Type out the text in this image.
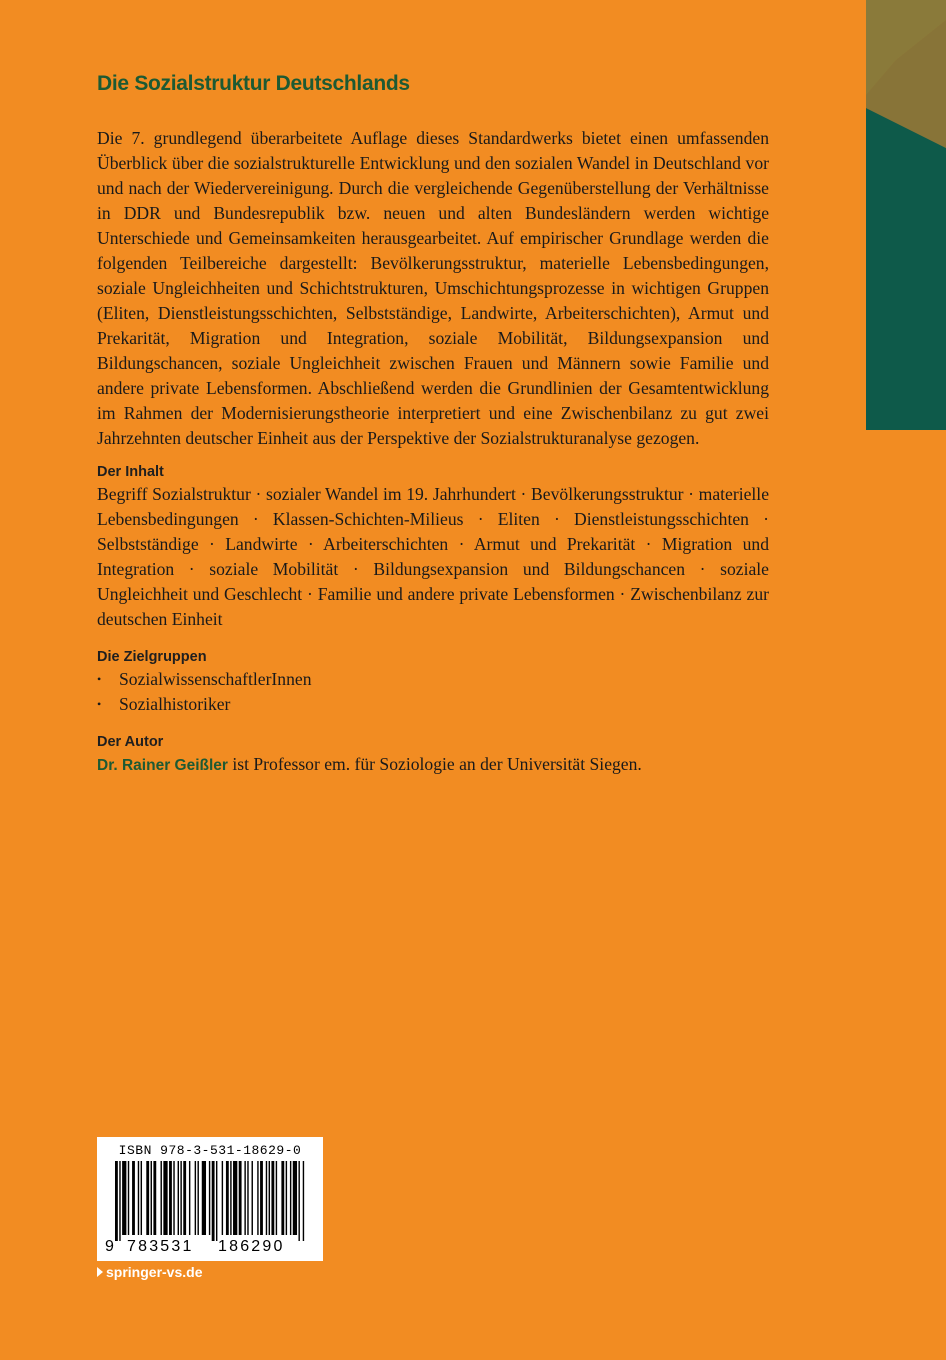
Die Sozialstruktur Deutschlands

Die 7. grundlegend überarbeitete Auflage dieses Standardwerks bietet einen umfassenden Überblick über die sozialstrukturelle Entwicklung und den sozialen Wandel in Deutschland vor und nach der Wiedervereinigung. Durch die vergleichende Gegenüberstellung der Verhältnisse in DDR und Bundesrepublik bzw. neuen und alten Bundesländern werden wichtige Unterschiede und Gemeinsamkeiten herausgearbeitet. Auf empirischer Grundlage werden die folgenden Teilbereiche dargestellt: Bevölkerungsstruktur, materielle Lebensbedingungen, soziale Ungleichheiten und Schichtstrukturen, Umschichtungsprozesse in wichtigen Gruppen (Eliten, Dienstleistungsschichten, Selbstständige, Landwirte, Arbeiterschichten), Armut und Prekarität, Migration und Integration, soziale Mobilität, Bildungsexpansion und Bildungschancen, soziale Ungleichheit zwischen Frauen und Männern sowie Familie und andere private Lebensformen. Abschließend werden die Grundlinien der Gesamtentwicklung im Rahmen der Modernisierungstheorie interpretiert und eine Zwischenbilanz zu gut zwei Jahrzehnten deutscher Einheit aus der Perspektive der Sozialstrukturanalyse gezogen.

Der Inhalt

Begriff Sozialstruktur · sozialer Wandel im 19. Jahrhundert · Bevölkerungsstruktur · materielle Lebensbedingungen · Klassen-Schichten-Milieus · Eliten · Dienstleistungsschichten · Selbstständige · Landwirte · Arbeiterschichten · Armut und Prekarität · Migration und Integration · soziale Mobilität · Bildungsexpansion und Bildungschancen · soziale Ungleichheit und Geschlecht · Familie und andere private Lebensformen · Zwischenbilanz zur deutschen Einheit

Die Zielgruppen
• SozialwissenschaftlerInnen
• Sozialhistoriker
Der Autor

Dr. Rainer Geißler ist Professor em. für Soziologie an der Universität Siegen.

ISBN 978-3-531-18629-0
9 783531 186290
springer-vs.de
